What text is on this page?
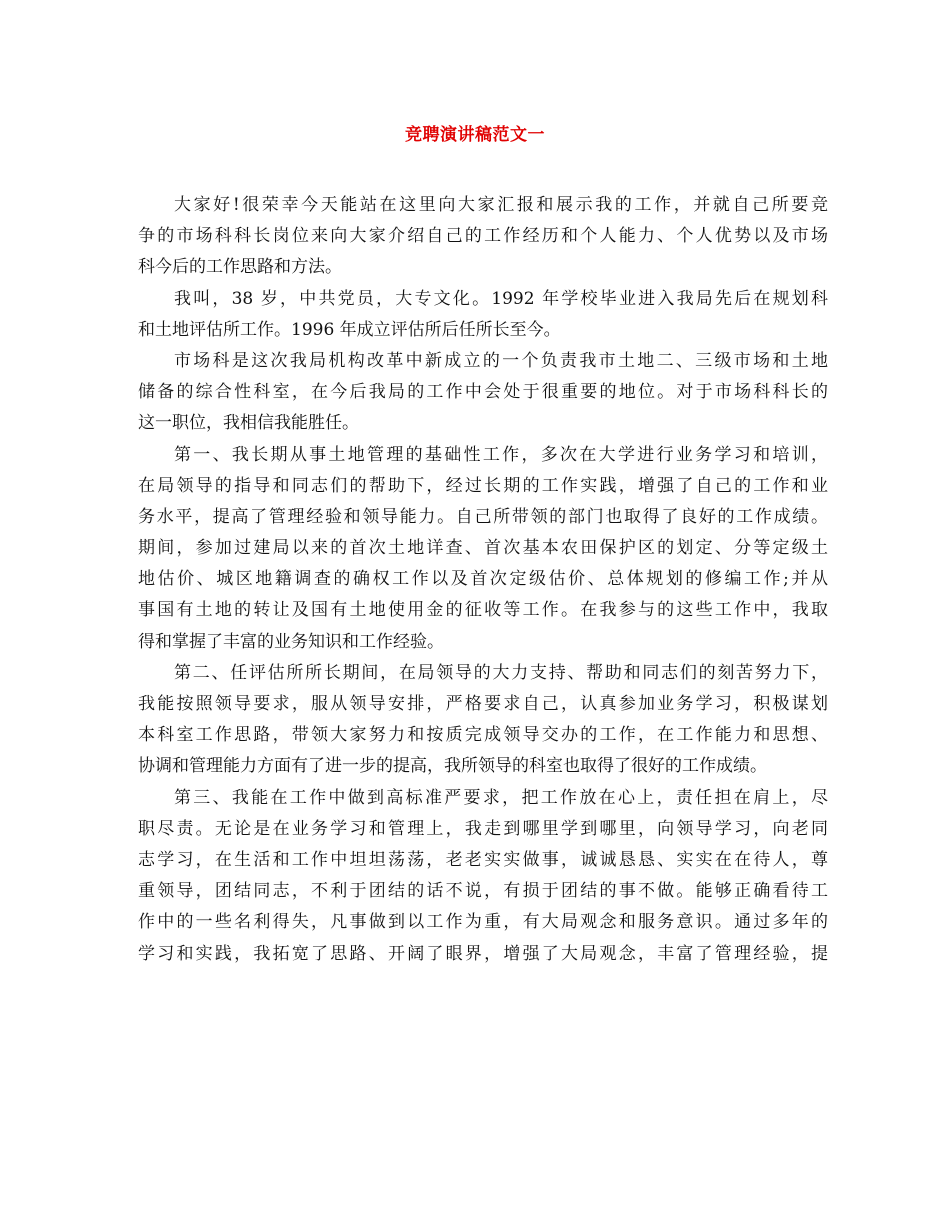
竞聘演讲稿范文一

大家好!很荣幸今天能站在这里向大家汇报和展示我的工作，并就自己所要竞
争的市场科科长岗位来向大家介绍自己的工作经历和个人能力、个人优势以及市场
科今后的工作思路和方法。

我叫，38 岁，中共党员，大专文化。1992 年学校毕业进入我局先后在规划科
和土地评估所工作。1996 年成立评估所后任所长至今。

市场科是这次我局机构改革中新成立的一个负责我市土地二、三级市场和土地
储备的综合性科室，在今后我局的工作中会处于很重要的地位。对于市场科科长的
这一职位，我相信我能胜任。

第一、我长期从事土地管理的基础性工作，多次在大学进行业务学习和培训，
在局领导的指导和同志们的帮助下，经过长期的工作实践，增强了自己的工作和业
务水平，提高了管理经验和领导能力。自己所带领的部门也取得了良好的工作成绩。
期间，参加过建局以来的首次土地详查、首次基本农田保护区的划定、分等定级土
地估价、城区地籍调查的确权工作以及首次定级估价、总体规划的修编工作;并从
事国有土地的转让及国有土地使用金的征收等工作。在我参与的这些工作中，我取
得和掌握了丰富的业务知识和工作经验。

第二、任评估所所长期间，在局领导的大力支持、帮助和同志们的刻苦努力下，
我能按照领导要求，服从领导安排，严格要求自己，认真参加业务学习，积极谋划
本科室工作思路，带领大家努力和按质完成领导交办的工作，在工作能力和思想、
协调和管理能力方面有了进一步的提高，我所领导的科室也取得了很好的工作成绩。

第三、我能在工作中做到高标准严要求，把工作放在心上，责任担在肩上，尽
职尽责。无论是在业务学习和管理上，我走到哪里学到哪里，向领导学习，向老同
志学习，在生活和工作中坦坦荡荡，老老实实做事，诚诚恳恳、实实在在待人，尊
重领导，团结同志，不利于团结的话不说，有损于团结的事不做。能够正确看待工
作中的一些名利得失，凡事做到以工作为重，有大局观念和服务意识。通过多年的
学习和实践，我拓宽了思路、开阔了眼界，增强了大局观念，丰富了管理经验，提
